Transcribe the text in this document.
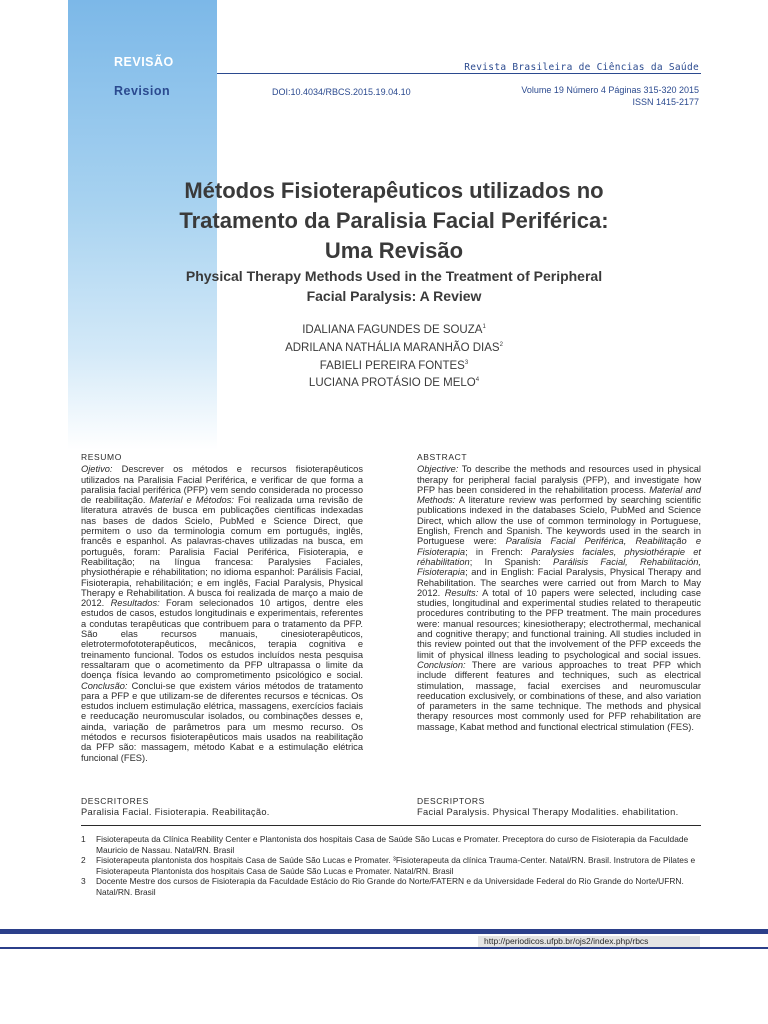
REVISÃO
Revision
Revista Brasileira de Ciências da Saúde
DOI:10.4034/RBCS.2015.19.04.10	Volume 19 Número 4 Páginas 315-320 2015
ISSN 1415-2177
Métodos Fisioterapêuticos utilizados no
Tratamento da Paralisia Facial Periférica:
Uma Revisão
Physical Therapy Methods Used in the Treatment of Peripheral
Facial Paralysis: A Review
IDALIANA FAGUNDES DE SOUZA$^1$
ADRILANA NATHÁLIA MARANHÃO DIAS$^2$
FABIELI PEREIRA FONTES$^3$
LUCIANA PROTÁSIO DE MELO$^4$
RESUMO
Ojetivo: Descrever os métodos e recursos fisioterapêuticos utilizados na Paralisia Facial Periférica, e verificar de que forma a paralisia facial periférica (PFP) vem sendo considerada no processo de reabilitação. Material e Métodos: Foi realizada uma revisão de literatura através de busca em publicações científicas indexadas nas bases de dados Scielo, PubMed e Science Direct, que permitem o uso da terminologia comum em português, inglês, francês e espanhol. As palavras-chaves utilizadas na busca, em português, foram: Paralisia Facial Periférica, Fisioterapia, e Reabilitação; na língua francesa: Paralysies Faciales, physiothérapie e réhabilitation; no idioma espanhol: Parálisis Facial, Fisioterapia, rehabilitación; e em inglês, Facial Paralysis, Physical Therapy e Rehabilitation. A busca foi realizada de março a maio de 2012. Resultados: Foram selecionados 10 artigos, dentre eles estudos de casos, estudos longitudinais e experimentais, referentes a condutas terapêuticas que contribuem para o tratamento da PFP. São elas recursos manuais, cinesioterapêuticos, eletrotermofototerapêuticos, mecânicos, terapia cognitiva e treinamento funcional. Todos os estudos incluídos nesta pesquisa ressaltaram que o acometimento da PFP ultrapassa o limite da doença física levando ao comprometimento psicológico e social. Conclusão: Conclui-se que existem vários métodos de tratamento para a PFP e que utilizam-se de diferentes recursos e técnicas. Os estudos incluem estimulação elétrica, massagens, exercícios faciais e reeducação neuromuscular isolados, ou combinações desses e, ainda, variação de parâmetros para um mesmo recurso. Os métodos e recursos fisioterapêuticos mais usados na reabilitação da PFP são: massagem, método Kabat e a estimulação elétrica funcional (FES).
ABSTRACT
Objective: To describe the methods and resources used in physical therapy for peripheral facial paralysis (PFP), and investigate how PFP has been considered in the rehabilitation process. Material and Methods: A literature review was performed by searching scientific publications indexed in the databases Scielo, PubMed and Science Direct, which allow the use of common terminology in Portuguese, English, French and Spanish. The keywords used in the search in Portuguese were: Paralisia Facial Periférica, Reabilitação e Fisioterapia; in French: Paralysies faciales, physiothérapie et réhabilitation; In Spanish: Parálisis Facial, Rehabilitación, Fisioterapia; and in English: Facial Paralysis, Physical Therapy and Rehabilitation. The searches were carried out from March to May 2012. Results: A total of 10 papers were selected, including case studies, longitudinal and experimental studies related to therapeutic procedures contributing to the PFP treatment. The main procedures were: manual resources; kinesiotherapy; electrothermal, mechanical and cognitive therapy; and functional training. All studies included in this review pointed out that the involvement of the PFP exceeds the limit of physical illness leading to psychological and social issues. Conclusion: There are various approaches to treat PFP which include different features and techniques, such as electrical stimulation, massage, facial exercises and neuromuscular reeducation exclusively, or combinations of these, and also variation of parameters in the same technique. The methods and physical therapy resources most commonly used for PFP rehabilitation are massage, Kabat method and functional electrical stimulation (FES).
DESCRITORES
Paralisia Facial. Fisioterapia. Reabilitação.
DESCRIPTORS
Facial Paralysis. Physical Therapy Modalities. ehabilitation.
1	Fisioterapeuta da Clínica Reability Center e Plantonista dos hospitais Casa de Saúde São Lucas e Promater. Preceptora do curso de Fisioterapia da Faculdade Mauricio de Nassau. Natal/RN. Brasil
2	Fisioterapeuta plantonista dos hospitais Casa de Saúde São Lucas e Promater. ³Fisioterapeuta da clínica Trauma-Center. Natal/RN. Brasil. Instrutora de Pilates e Fisioterapeuta Plantonista dos hospitais Casa de Saúde São Lucas e Promater. Natal/RN. Brasil
3	Docente Mestre dos cursos de Fisioterapia da Faculdade Estácio do Rio Grande do Norte/FATERN e da Universidade Federal do Rio Grande do Norte/UFRN. Natal/RN. Brasil
http://periodicos.ufpb.br/ojs2/index.php/rbcs
